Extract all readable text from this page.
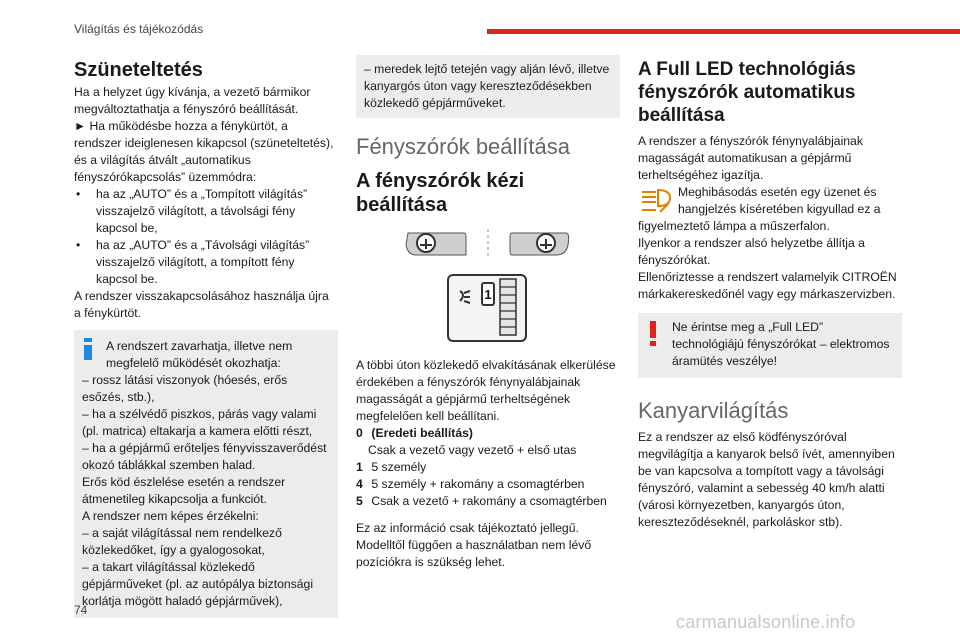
Világítás és tájékozódás
Szüneteltetés

Ha a helyzet úgy kívánja, a vezető bármikor megváltoztathatja a fényszóró beállítását.

► Ha működésbe hozza a fénykürtöt, a rendszer ideiglenesen kikapcsol (szüneteltetés), és a világítás átvált „automatikus fényszórókapcsolás” üzemmódra:

• ha az „AUTO” és a „Tompított világítás” visszajelző világított, a távolsági fény kapcsol be,

• ha az „AUTO” és a „Távolsági világítás” visszajelző világított, a tompított fény kapcsol be.

A rendszer visszakapcsolásához használja újra a fénykürtöt.

A rendszert zavarhatja, illetve nem megfelelő működését okozhatja:

– rossz látási viszonyok (hóesés, erős esőzés, stb.),

– ha a szélvédő piszkos, párás vagy valami (pl. matrica) eltakarja a kamera előtti részt,

– ha a gépjármű erőteljes fényvisszaverődést okozó táblákkal szemben halad.

Erős köd észlelése esetén a rendszer átmenetileg kikapcsolja a funkciót.

A rendszer nem képes érzékelni:

– a saját világítással nem rendelkező közlekedőket, így a gyalogosokat,

– a takart világítással közlekedő gépjárműveket (pl. az autópálya biztonsági korlátja mögött haladó gépjárművek),

– meredek lejtő tetején vagy alján lévő, illetve kanyargós úton vagy kereszteződésekben közlekedő gépjárműveket.

Fényszórók beállítása
A fényszórók kézi beállítása
1

A többi úton közlekedő elvakításának elkerülése érdekében a fényszórók fénynyalábjainak magasságát a gépjármű terheltségének megfelelően kell beállítani.

0 (Eredeti beállítás)

Csak a vezető vagy vezető + első utas

1 5 személy

4 5 személy + rakomány a csomagtérben

5 Csak a vezető + rakomány a csomagtérben

Ez az információ csak tájékoztató jellegű. Modelltől függően a használatban nem lévő pozíciókra is szükség lehet.

A Full LED technológiás fényszórók automatikus beállítása

A rendszer a fényszórók fénynyalábjainak magasságát automatikusan a gépjármű terheltségéhez igazítja.

Meghibásodás esetén egy üzenet és hangjelzés kíséretében kigyullad ez a figyelmeztető lámpa a műszerfalon.

Ilyenkor a rendszer alsó helyzetbe állítja a fényszórókat.

Ellenőriztesse a rendszert valamelyik CITROËN márkakereskedőnél vagy egy márkaszervizben.

Ne érintse meg a „Full LED” technológiájú fényszórókat – elektromos áramütés veszélye!

Kanyarvilágítás

Ez a rendszer az első ködfényszóróval megvilágítja a kanyarok belső ívét, amennyiben be van kapcsolva a tompított vagy a távolsági fényszóró, valamint a sebesség 40 km/h alatti (városi környezetben, kanyargós úton, kereszteződéseknél, parkoláskor stb).

74
carmanualsonline.info
